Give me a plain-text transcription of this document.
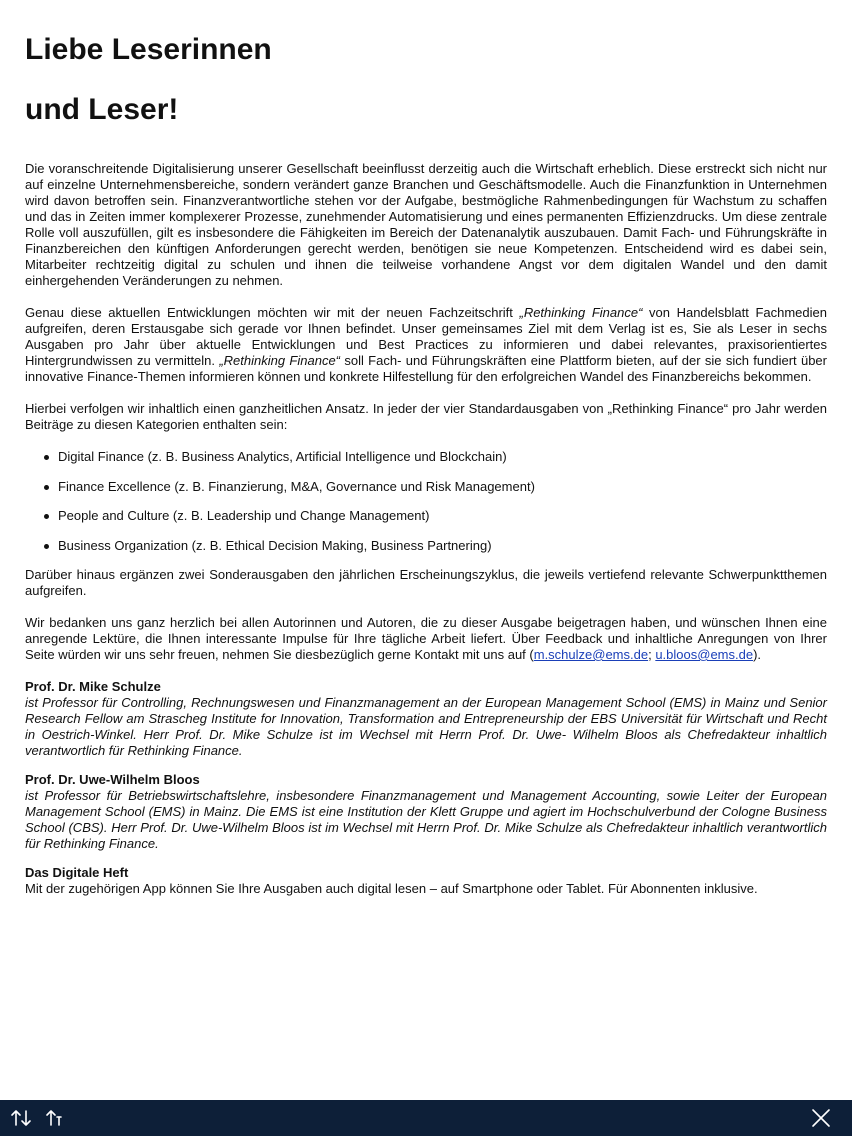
Liebe Leserinnen
und Leser!

Die voranschreitende Digitalisierung unserer Gesellschaft beeinflusst derzeitig auch die Wirtschaft erheblich. Diese erstreckt sich nicht nur auf einzelne Unternehmensbereiche, sondern verändert ganze Branchen und Geschäftsmodelle. Auch die Finanzfunktion in Unternehmen wird davon betroffen sein. Finanzverantwortliche stehen vor der Aufgabe, bestmögliche Rahmenbedingungen für Wachstum zu schaffen und das in Zeiten immer komplexerer Prozesse, zunehmender Automatisierung und eines permanenten Effizienzdrucks. Um diese zentrale Rolle voll auszufüllen, gilt es insbesondere die Fähigkeiten im Bereich der Datenanalytik auszubauen. Damit Fach- und Führungskräfte in Finanzbereichen den künftigen Anforderungen gerecht werden, benötigen sie neue Kompetenzen. Entscheidend wird es dabei sein, Mitarbeiter rechtzeitig digital zu schulen und ihnen die teilweise vorhandene Angst vor dem digitalen Wandel und den damit einhergehenden Veränderungen zu nehmen.

Genau diese aktuellen Entwicklungen möchten wir mit der neuen Fachzeitschrift „Rethinking Finance“ von Handelsblatt Fachmedien aufgreifen, deren Erstausgabe sich gerade vor Ihnen befindet. Unser gemeinsames Ziel mit dem Verlag ist es, Sie als Leser in sechs Ausgaben pro Jahr über aktuelle Entwicklungen und Best Practices zu informieren und dabei relevantes, praxisorientiertes Hintergrundwissen zu vermitteln. „Rethinking Finance“ soll Fach- und Führungskräften eine Plattform bieten, auf der sie sich fundiert über innovative Finance-Themen informieren können und konkrete Hilfestellung für den erfolgreichen Wandel des Finanzbereichs bekommen.

Hierbei verfolgen wir inhaltlich einen ganzheitlichen Ansatz. In jeder der vier Standardausgaben von „Rethinking Finance“ pro Jahr werden Beiträge zu diesen Kategorien enthalten sein:

Digital Finance (z. B. Business Analytics, Artificial Intelligence und Blockchain)
Finance Excellence (z. B. Finanzierung, M&A, Governance und Risk Management)
People and Culture (z. B. Leadership und Change Management)
Business Organization (z. B. Ethical Decision Making, Business Partnering)

Darüber hinaus ergänzen zwei Sonderausgaben den jährlichen Erscheinungszyklus, die jeweils vertiefend relevante Schwerpunktthemen aufgreifen.

Wir bedanken uns ganz herzlich bei allen Autorinnen und Autoren, die zu dieser Ausgabe beigetragen haben, und wünschen Ihnen eine anregende Lektüre, die Ihnen interessante Impulse für Ihre tägliche Arbeit liefert. Über Feedback und inhaltliche Anregungen von Ihrer Seite würden wir uns sehr freuen, nehmen Sie diesbezüglich gerne Kontakt mit uns auf (m.schulze@ems.de; u.bloos@ems.de).

Prof. Dr. Mike Schulze
ist Professor für Controlling, Rechnungswesen und Finanzmanagement an der European Management School (EMS) in Mainz und Senior Research Fellow am Strascheg Institute for Innovation, Transformation and Entrepreneurship der EBS Universität für Wirtschaft und Recht in Oestrich-Winkel. Herr Prof. Dr. Mike Schulze ist im Wechsel mit Herrn Prof. Dr. Uwe- Wilhelm Bloos als Chefredakteur inhaltlich verantwortlich für Rethinking Finance.
Prof. Dr. Uwe-Wilhelm Bloos
ist Professor für Betriebswirtschaftslehre, insbesondere Finanzmanagement und Management Accounting, sowie Leiter der European Management School (EMS) in Mainz. Die EMS ist eine Institution der Klett Gruppe und agiert im Hochschulverbund der Cologne Business School (CBS). Herr Prof. Dr. Uwe-Wilhelm Bloos ist im Wechsel mit Herrn Prof. Dr. Mike Schulze als Chefredakteur inhaltlich verantwortlich für Rethinking Finance.
Das Digitale Heft
Mit der zugehörigen App können Sie Ihre Ausgaben auch digital lesen – auf Smartphone oder Tablet. Für Abonnenten inklusive.
